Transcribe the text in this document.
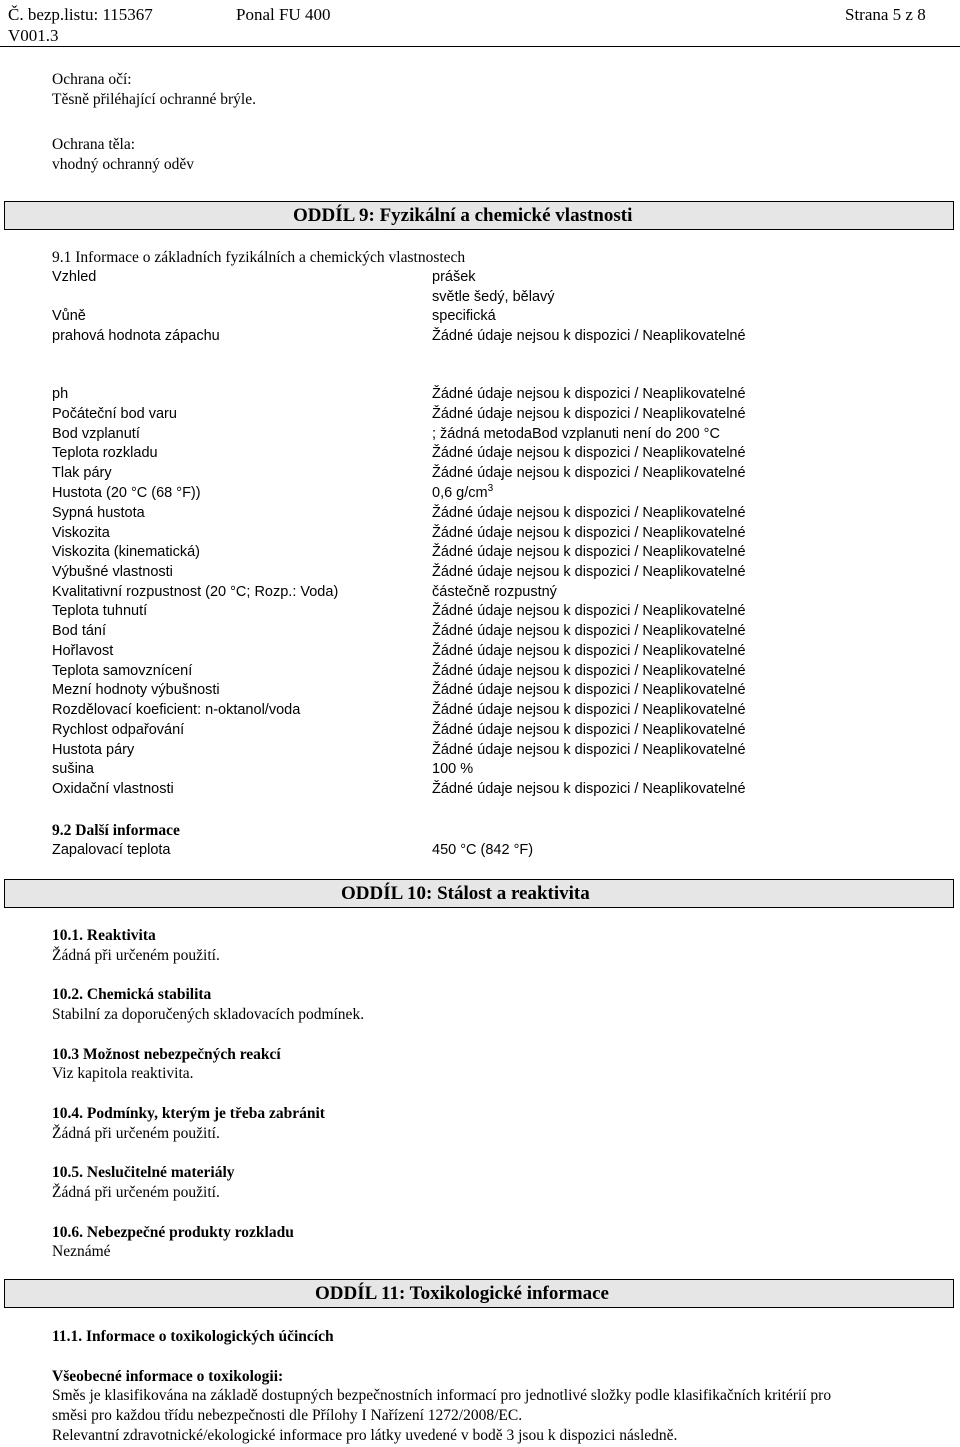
Č. bezp.listu: 115367	Ponal FU 400	Strana 5 z 8
V001.3
Ochrana očí:
Těsně přiléhající ochranné brýle.
Ochrana těla:
vhodný ochranný oděv
ODDÍL 9: Fyzikální a chemické vlastnosti
9.1 Informace o základních fyzikálních a chemických vlastnostech
Vzhled	prášek
světle šedý, bělavý
Vůně	specifická
prahová hodnota zápachu	Žádné údaje nejsou k dispozici / Neaplikovatelné
ph	Žádné údaje nejsou k dispozici / Neaplikovatelné
Počáteční bod varu	Žádné údaje nejsou k dispozici / Neaplikovatelné
Bod vzplanutí	; žádná metodaBod vzplanuti není do 200 °C
Teplota rozkladu	Žádné údaje nejsou k dispozici / Neaplikovatelné
Tlak páry	Žádné údaje nejsou k dispozici / Neaplikovatelné
Hustota (20 °C (68 °F))	0,6 $g/cm^3$
Sypná hustota	Žádné údaje nejsou k dispozici / Neaplikovatelné
Viskozita	Žádné údaje nejsou k dispozici / Neaplikovatelné
Viskozita (kinematická)	Žádné údaje nejsou k dispozici / Neaplikovatelné
Výbušné vlastnosti	Žádné údaje nejsou k dispozici / Neaplikovatelné
Kvalitativní rozpustnost (20 °C; Rozp.: Voda)	částečně rozpustný
Teplota tuhnutí	Žádné údaje nejsou k dispozici / Neaplikovatelné
Bod tání	Žádné údaje nejsou k dispozici / Neaplikovatelné
Hořlavost	Žádné údaje nejsou k dispozici / Neaplikovatelné
Teplota samovznícení	Žádné údaje nejsou k dispozici / Neaplikovatelné
Mezní hodnoty výbušnosti	Žádné údaje nejsou k dispozici / Neaplikovatelné
Rozdělovací koeficient: n-oktanol/voda	Žádné údaje nejsou k dispozici / Neaplikovatelné
Rychlost odpařování	Žádné údaje nejsou k dispozici / Neaplikovatelné
Hustota páry	Žádné údaje nejsou k dispozici / Neaplikovatelné
sušina	100 %
Oxidační vlastnosti	Žádné údaje nejsou k dispozici / Neaplikovatelné
9.2 Další informace
Zapalovací teplota	450 °C (842 °F)
ODDÍL 10: Stálost a reaktivita
10.1. Reaktivita
Žádná při určeném použití.
10.2. Chemická stabilita
Stabilní za doporučených skladovacích podmínek.
10.3 Možnost nebezpečných reakcí
Viz kapitola reaktivita.
10.4. Podmínky, kterým je třeba zabránit
Žádná při určeném použití.
10.5. Neslučitelné materiály
Žádná při určeném použití.
10.6. Nebezpečné produkty rozkladu
Neznámé
ODDÍL 11: Toxikologické informace
11.1. Informace o toxikologických účincích
Všeobecné informace o toxikologii:
Směs je klasifikována na základě dostupných bezpečnostních informací pro jednotlivé složky podle klasifikačních kritérií pro
směsi pro každou třídu nebezpečnosti dle Přílohy I Nařízení 1272/2008/EC.
Relevantní zdravotnické/ekologické informace pro látky uvedené v bodě 3 jsou k dispozici následně.
